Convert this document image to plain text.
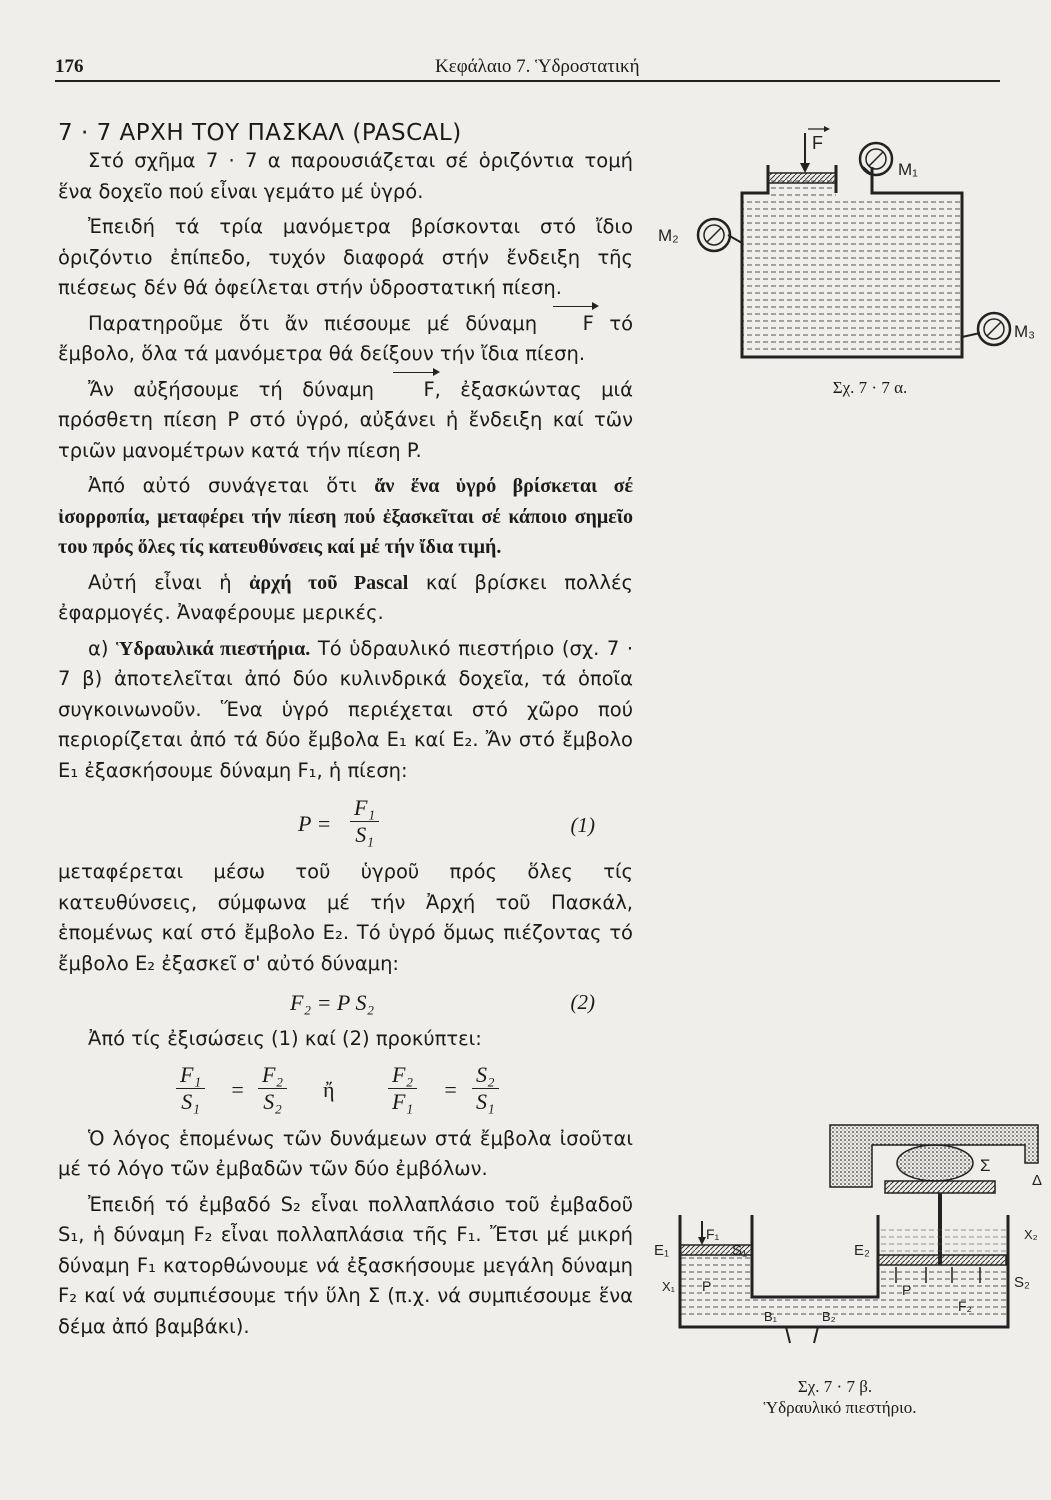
176	Κεφάλαιο 7. Ὑδροστατική

7 · 7 ΑΡΧΗ ΤΟΥ ΠΑΣΚΑΛ (PASCAL)

Στό σχῆμα 7 · 7 α παρουσιάζεται σέ ὁριζόντια τομή ἕνα δοχεῖο πού εἶναι γεμάτο μέ ὑγρό.

Ἐπειδή τά τρία μανόμετρα βρίσκονται στό ἴδιο ὁριζόντιο ἐπίπεδο, τυχόν διαφορά στήν ἔνδειξη τῆς πιέσεως δέν θά ὀφείλεται στήν ὑδροστατική πίεση.

Παρατηροῦμε ὅτι ἄν πιέσουμε μέ δύναμη F τό ἔμβολο, ὅλα τά μανόμετρα θά δείξουν τήν ἴδια πίεση.

Ἄν αὐξήσουμε τή δύναμη	F, ἐξασκώντας μιά πρόσθετη πίεση P στό ὑγρό, αὐξάνει ἡ ἔνδειξη καί τῶν τριῶν μανομέτρων κατά τήν πίεση P.

Ἀπό αὐτό συνάγεται ὅτι ἄν ἕνα ὑγρό βρίσκεται σέ ἰσορροπία, μεταφέρει τήν πίεση πού ἐξασκεῖται σέ κάποιο σημεῖο του πρός ὅλες τίς κατευθύνσεις καί μέ τήν ἴδια τιμή.

Αὐτή εἶναι ἡ ἀρχή τοῦ Pascal καί βρίσκει πολλές ἐφαρμογές. Ἀναφέρουμε μερικές.

α) Ὑδραυλικά πιεστήρια. Τό ὑδραυλικό πιεστήριο (σχ. 7 · 7 β) ἀποτελεῖται ἀπό δύο κυλινδρικά δοχεῖα, τά ὁποῖα συγκοινωνοῦν. Ἕνα ὑγρό περιέχεται στό χῶρο πού περιορίζεται ἀπό τά δύο ἔμβολα E₁ καί E₂. Ἄν στό ἔμβολο E₁ ἐξασκήσουμε δύναμη F₁, ἡ πίεση:

$P = \frac{\text{F₁}}{\text{S₁}}$	(1)

μεταφέρεται μέσω τοῦ ὑγροῦ πρός ὅλες τίς κατευθύνσεις, σύμφωνα μέ τήν Ἀρχή τοῦ Πασκάλ, ἑπομένως καί στό ἔμβολο E₂. Τό ὑγρό ὅμως πιέζοντας τό ἔμβολο E₂ ἐξασκεῖ σ' αὐτό δύναμη:

F₂ = P S₂	(2)

Ἀπό τίς ἐξισώσεις (1) καί (2) προκύπτει:

$\frac{\text{F₁}}{\text{S₁}} = \frac{\text{F₂}}{\text{S₂}}$ ἤ $\frac{\text{F₂}}{\text{F₁}} = \frac{\text{S₂}}{\text{S₁}}$

Ὁ λόγος ἑπομένως τῶν δυνάμεων στά ἔμβολα ἰσοῦται μέ τό λόγο τῶν ἐμβαδῶν τῶν δύο ἐμβόλων.

Ἐπειδή τό ἐμβαδό S₂ εἶναι πολλαπλάσιο τοῦ ἐμβαδοῦ S₁, ἡ δύναμη F₂ εἶναι πολλαπλάσια τῆς F₁. Ἔτσι μέ μικρή δύναμη F₁ κατορθώνουμε νά ἐξασκήσουμε μεγάλη δύναμη F₂ καί νά συμπιέσουμε τήν ὕλη Σ (π.χ. νά συμπιέσουμε ἕνα δέμα ἀπό βαμβάκι).

F
M₁
M₂
M₃
Σχ. 7 · 7 α.
Σ
Δ
F₁
E₁	S₁
X₁ P
E₂
S₂
X₂
P
F₂
B₁	B₂
Σχ. 7 · 7 β.
Ὑδραυλικό πιεστήριο.
